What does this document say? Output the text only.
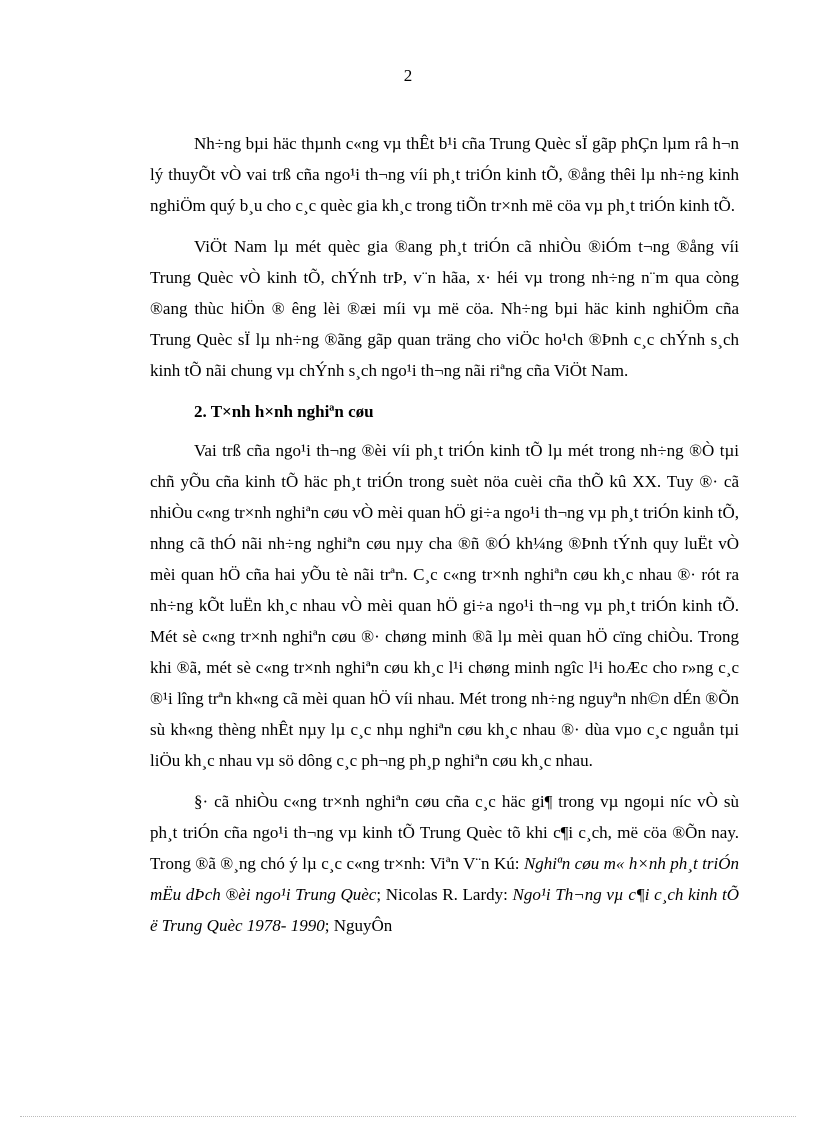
2

Nh÷ng bµi häc thµnh c«ng vµ thÊt b¹i cña Trung Quèc sÏ gãp phÇn lµm râ h¬n lý thuyÕt vÒ vai trß cña ngo¹i th¬ng víi ph¸t triÓn kinh tÕ, ®ång thêi lµ nh÷ng kinh nghiÖm quý b¸u cho c¸c quèc gia kh¸c trong tiÕn tr×nh më cöa vµ ph¸t triÓn kinh tÕ.

ViÖt Nam lµ mét quèc gia ®ang ph¸t triÓn cã nhiÒu ®iÓm t¬ng ®ång víi Trung Quèc vÒ kinh tÕ, chÝnh trÞ, v¨n hãa, x· héi vµ trong nh÷ng n¨m qua còng ®ang thùc hiÖn ® êng lèi ®æi míi vµ më cöa. Nh÷ng bµi häc kinh nghiÖm cña Trung Quèc sÏ lµ nh÷ng ®ãng gãp quan träng cho viÖc ho¹ch ®Þnh c¸c chÝnh s¸ch kinh tÕ nãi chung vµ chÝnh s¸ch ngo¹i th¬ng nãi riªng cña ViÖt Nam.

2. T×nh h×nh nghiªn cøu

Vai trß cña ngo¹i th¬ng ®èi víi ph¸t triÓn kinh tÕ lµ mét trong nh÷ng ®Ò tµi chñ yÕu cña kinh tÕ häc ph¸t triÓn trong suèt nöa cuèi cña thÕ kû XX. Tuy ®· cã nhiÒu c«ng tr×nh nghiªn cøu vÒ mèi quan hÖ gi÷a ngo¹i th¬ng vµ ph¸t triÓn kinh tÕ, nhng cã thÓ nãi nh÷ng nghiªn cøu nµy cha ®ñ ®Ó kh¼ng ®Þnh tÝnh quy luËt vÒ mèi quan hÖ cña hai yÕu tè nãi trªn. C¸c c«ng tr×nh nghiªn cøu kh¸c nhau ®· rót ra nh÷ng kÕt luËn kh¸c nhau vÒ mèi quan hÖ gi÷a ngo¹i th¬ng vµ ph¸t triÓn kinh tÕ. Mét sè c«ng tr×nh nghiªn cøu ®· chøng minh ®ã lµ mèi quan hÖ cïng chiÒu. Trong khi ®ã, mét sè c«ng tr×nh nghiªn cøu kh¸c l¹i chøng minh ngîc l¹i hoÆc cho r»ng c¸c ®¹i lîng trªn kh«ng cã mèi quan hÖ víi nhau. Mét trong nh÷ng nguyªn nh©n dÉn ®Õn sù kh«ng thèng nhÊt nµy lµ c¸c nhµ nghiªn cøu kh¸c nhau ®· dùa vµo c¸c nguån tµi liÖu kh¸c nhau vµ sö dông c¸c ph¬ng ph¸p nghiªn cøu kh¸c nhau.

§· cã nhiÒu c«ng tr×nh nghiªn cøu cña c¸c häc gi¶ trong vµ ngoµi níc vÒ sù ph¸t triÓn cña ngo¹i th¬ng vµ kinh tÕ Trung Quèc tõ khi c¶i c¸ch, më cöa ®Õn nay. Trong ®ã ®¸ng chó ý lµ c¸c c«ng tr×nh: Viªn V¨n Kú: Nghiªn cøu m« h×nh ph¸t triÓn mËu dÞch ®èi ngo¹i Trung Quèc; Nicolas R. Lardy: Ngo¹i Th¬ng vµ c¶i c¸ch kinh tÕ ë Trung Quèc 1978- 1990; NguyÔn
